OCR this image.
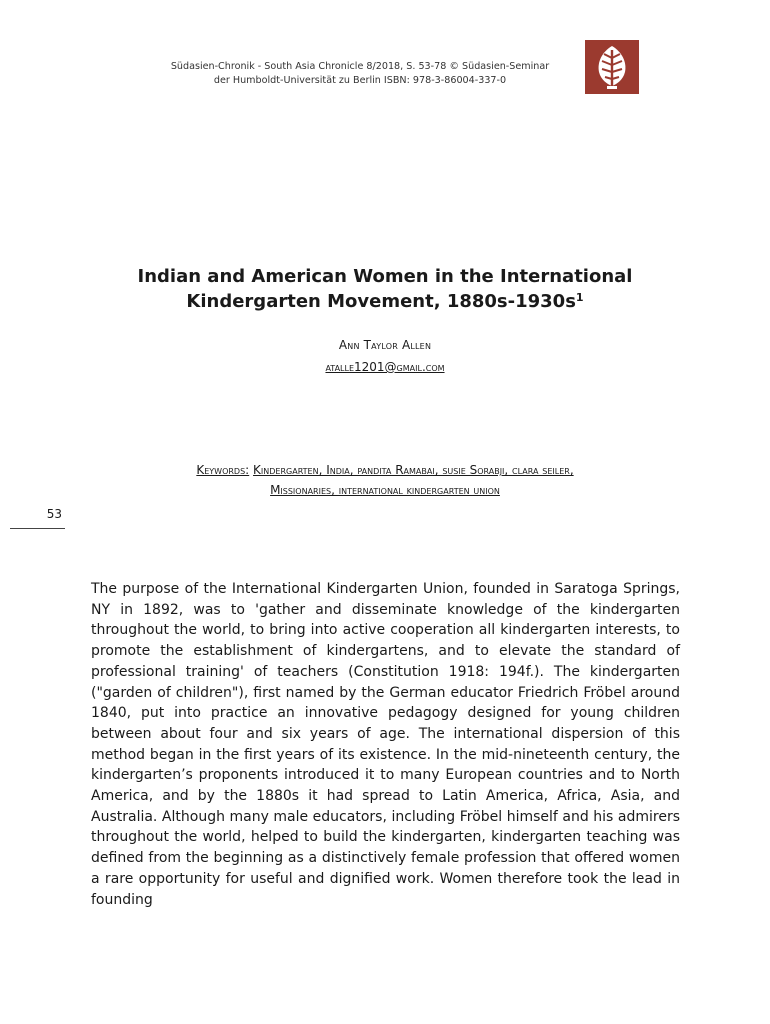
Südasien-Chronik - South Asia Chronicle 8/2018, S. 53-78 © Südasien-Seminar
der Humboldt-Universität zu Berlin ISBN: 978-3-86004-337-0
Indian and American Women in the International
Kindergarten Movement, $1880s-1930s^1$
Ann Taylor Allen
atalle1201@gmail.com
Keywords: Kindergarten, India, pandita Ramabai, susie Sorabji, clara seiler,
Missionaries, international kindergarten union
53

The purpose of the International Kindergarten Union, founded in Saratoga Springs, NY in 1892, was to 'gather and disseminate knowledge of the kindergarten throughout the world, to bring into active cooperation all kindergarten interests, to promote the establishment of kindergartens, and to elevate the standard of professional training' of teachers (Constitution 1918: 194f.). The kindergarten ("garden of children"), first named by the German educator Friedrich Fröbel around 1840, put into practice an innovative pedagogy designed for young children between about four and six years of age. The international dispersion of this method began in the first years of its existence. In the mid-nineteenth century, the kindergarten’s proponents introduced it to many European countries and to North America, and by the 1880s it had spread to Latin America, Africa, Asia, and Australia. Although many male educators, including Fröbel himself and his admirers throughout the world, helped to build the kindergarten, kindergarten teaching was defined from the beginning as a distinctively female profession that offered women a rare opportunity for useful and dignified work. Women therefore took the lead in founding
